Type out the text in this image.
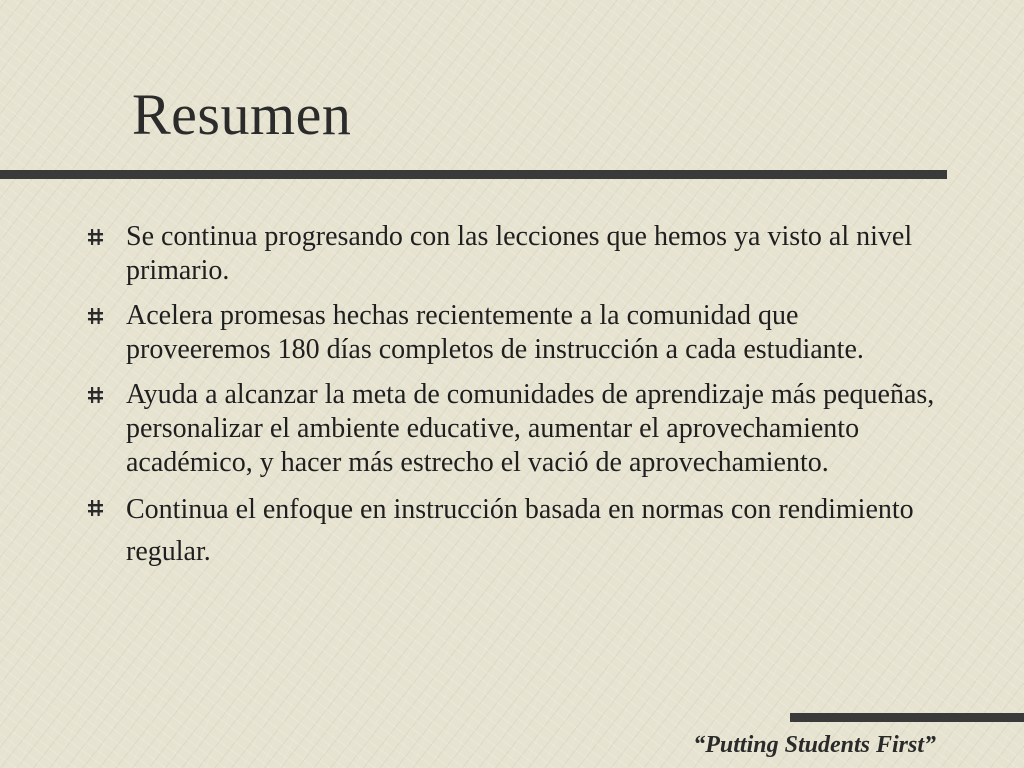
Resumen
Se continua progresando con las lecciones que hemos ya visto al nivel primario.
Acelera promesas hechas recientemente a la comunidad que proveeremos 180 días completos de instrucción a cada estudiante.
Ayuda a alcanzar la meta de comunidades de aprendizaje más pequeñas, personalizar el ambiente educative, aumentar el aprovechamiento académico, y hacer más estrecho el vació de aprovechamiento.
Continua el enfoque en instrucción basada en normas con rendimiento regular.
“Putting Students First”
